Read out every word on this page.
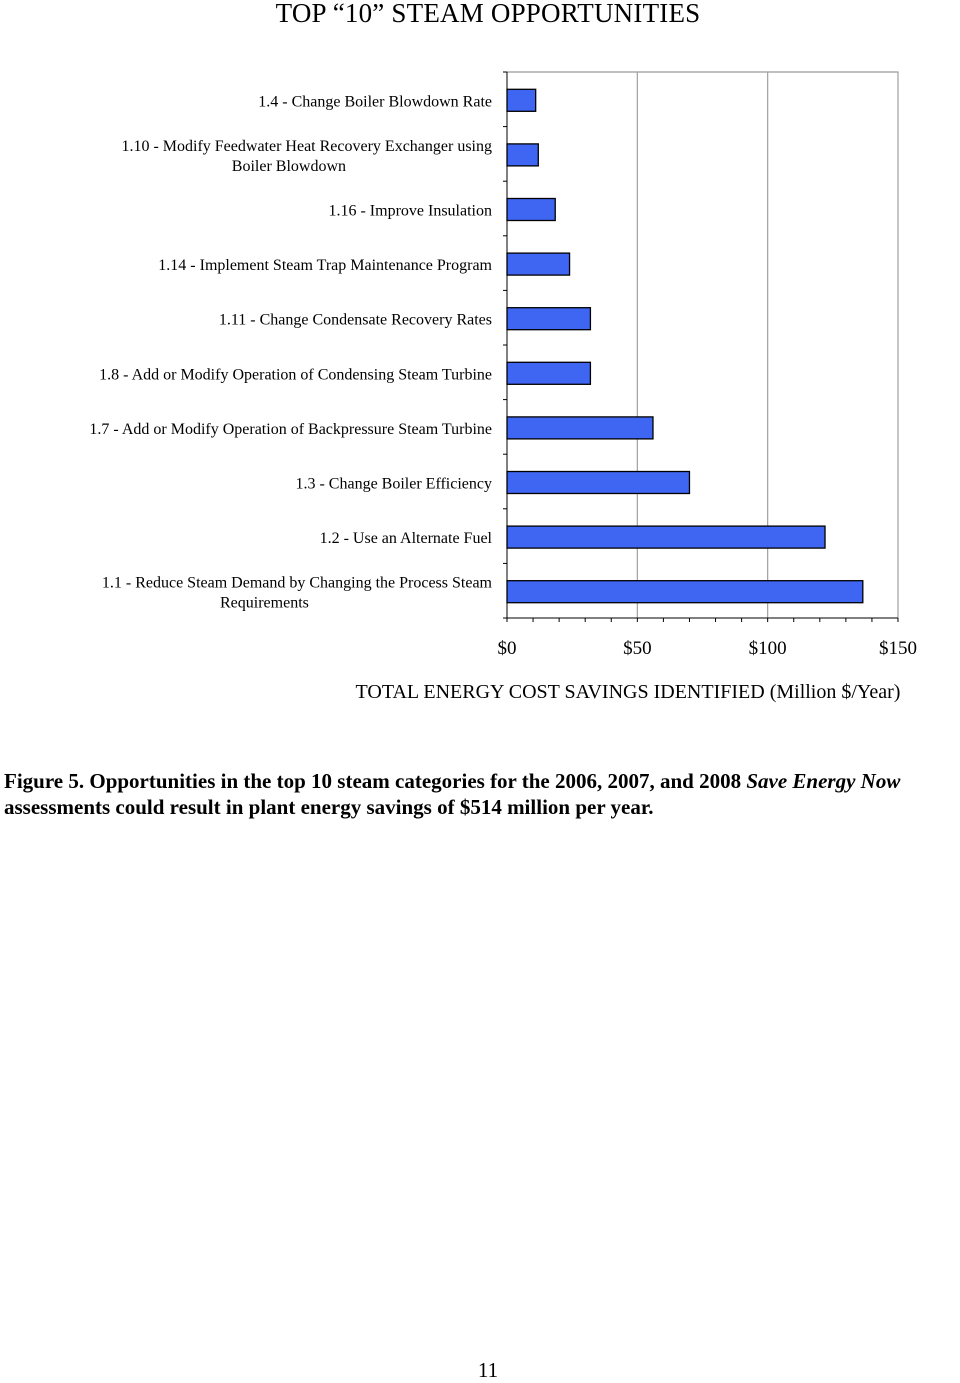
TOP “10” STEAM OPPORTUNITIES
1.4 - Change Boiler Blowdown Rate
1.10 - Modify Feedwater Heat Recovery Exchanger using
Boiler Blowdown
1.16 - Improve Insulation
1.14 - Implement Steam Trap Maintenance Program
1.11 - Change Condensate Recovery Rates
1.8 - Add or Modify Operation of Condensing Steam Turbine
1.7 - Add or Modify Operation of Backpressure Steam Turbine
1.3 - Change Boiler Efficiency
1.2 - Use an Alternate Fuel
1.1 - Reduce Steam Demand by Changing the Process Steam
Requirements
$0	$50	$100	$150
TOTAL ENERGY COST SAVINGS IDENTIFIED (Million $/Year)
Figure 5. Opportunities in the top 10 steam categories for the 2006, 2007, and 2008 Save Energy Now assessments could result in plant energy savings of $514 million per year.
11
